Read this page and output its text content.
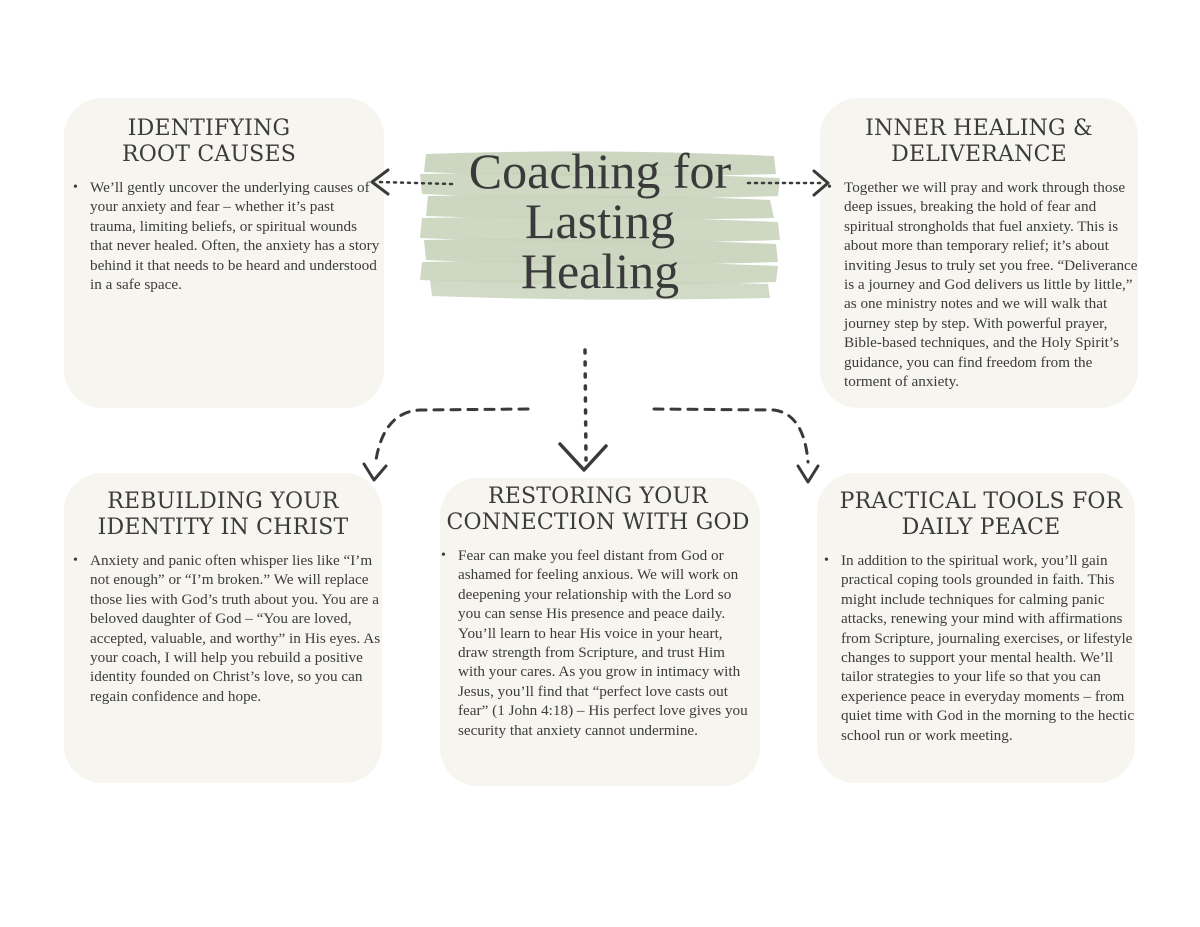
IDENTIFYING
ROOT CAUSES
• We’ll gently uncover the underlying causes of your anxiety and fear – whether it’s past trauma, limiting beliefs, or spiritual wounds that never healed. Often, the anxiety has a story behind it that needs to be heard and understood in a safe space.
INNER HEALING &
DELIVERANCE
• Together we will pray and work through those deep issues, breaking the hold of fear and spiritual strongholds that fuel anxiety. This is about more than temporary relief; it’s about inviting Jesus to truly set you free. “Deliverance is a journey and God delivers us little by little,” as one ministry notes and we will walk that journey step by step. With powerful prayer, Bible-based techniques, and the Holy Spirit’s guidance, you can find freedom from the torment of anxiety.
REBUILDING YOUR
IDENTITY IN CHRIST
• Anxiety and panic often whisper lies like “I’m not enough” or “I’m broken.” We will replace those lies with God’s truth about you. You are a beloved daughter of God – “You are loved, accepted, valuable, and worthy” in His eyes. As your coach, I will help you rebuild a positive identity founded on Christ’s love, so you can regain confidence and hope.
RESTORING YOUR
CONNECTION WITH GOD
• Fear can make you feel distant from God or ashamed for feeling anxious. We will work on deepening your relationship with the Lord so you can sense His presence and peace daily. You’ll learn to hear His voice in your heart, draw strength from Scripture, and trust Him with your cares. As you grow in intimacy with Jesus, you’ll find that “perfect love casts out fear” (1 John 4:18) – His perfect love gives you security that anxiety cannot undermine.
PRACTICAL TOOLS FOR
DAILY PEACE
• In addition to the spiritual work, you’ll gain practical coping tools grounded in faith. This might include techniques for calming panic attacks, renewing your mind with affirmations from Scripture, journaling exercises, or lifestyle changes to support your mental health. We’ll tailor strategies to your life so that you can experience peace in everyday moments – from quiet time with God in the morning to the hectic school run or work meeting.
Coaching for
Lasting
Healing
